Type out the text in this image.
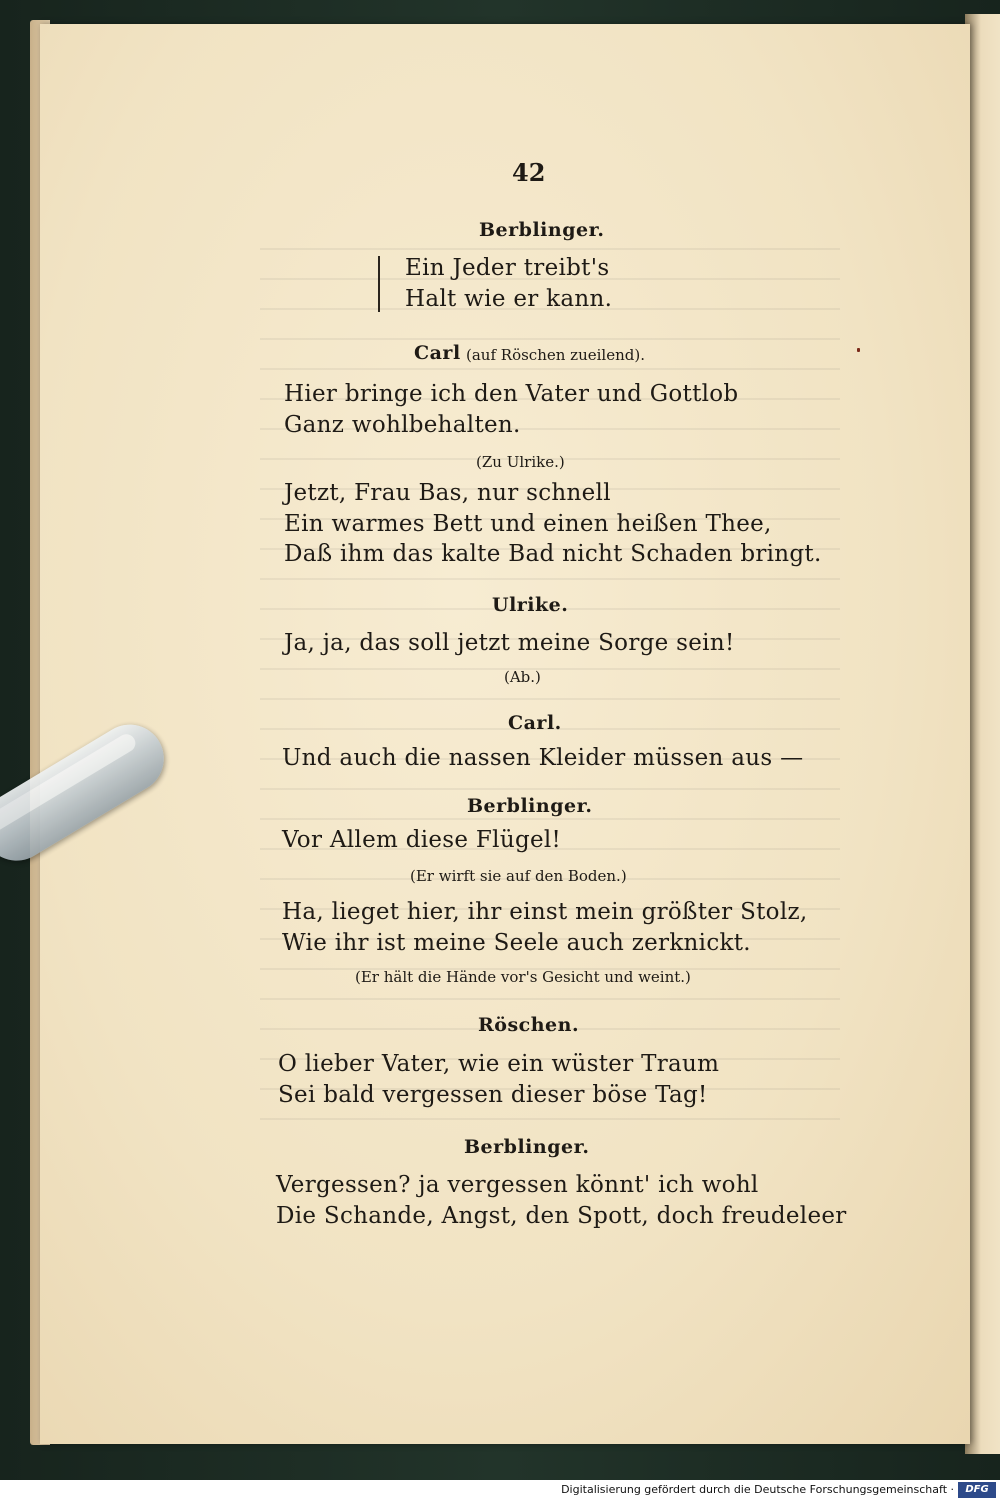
42
Berblinger.
Ein Jeder treibt's
Halt wie er kann.
Carl (auf Röschen zueilend).
Hier bringe ich den Vater und Gottlob
Ganz wohlbehalten.
(Zu Ulrike.)
Jetzt, Frau Bas, nur schnell
Ein warmes Bett und einen heißen Thee,
Daß ihm das kalte Bad nicht Schaden bringt.
Ulrike.
Ja, ja, das soll jetzt meine Sorge sein!
(Ab.)
Carl.
Und auch die nassen Kleider müssen aus —
Berblinger.
Vor Allem diese Flügel!
(Er wirft sie auf den Boden.)
Ha, lieget hier, ihr einst mein größter Stolz,
Wie ihr ist meine Seele auch zerknickt.
(Er hält die Hände vor's Gesicht und weint.)
Röschen.
O lieber Vater, wie ein wüster Traum
Sei bald vergessen dieser böse Tag!
Berblinger.
Vergessen? ja vergessen könnt' ich wohl
Die Schande, Angst, den Spott, doch freudeleer
Digitalisierung gefördert durch die Deutsche Forschungsgemeinschaft ·	DFG
